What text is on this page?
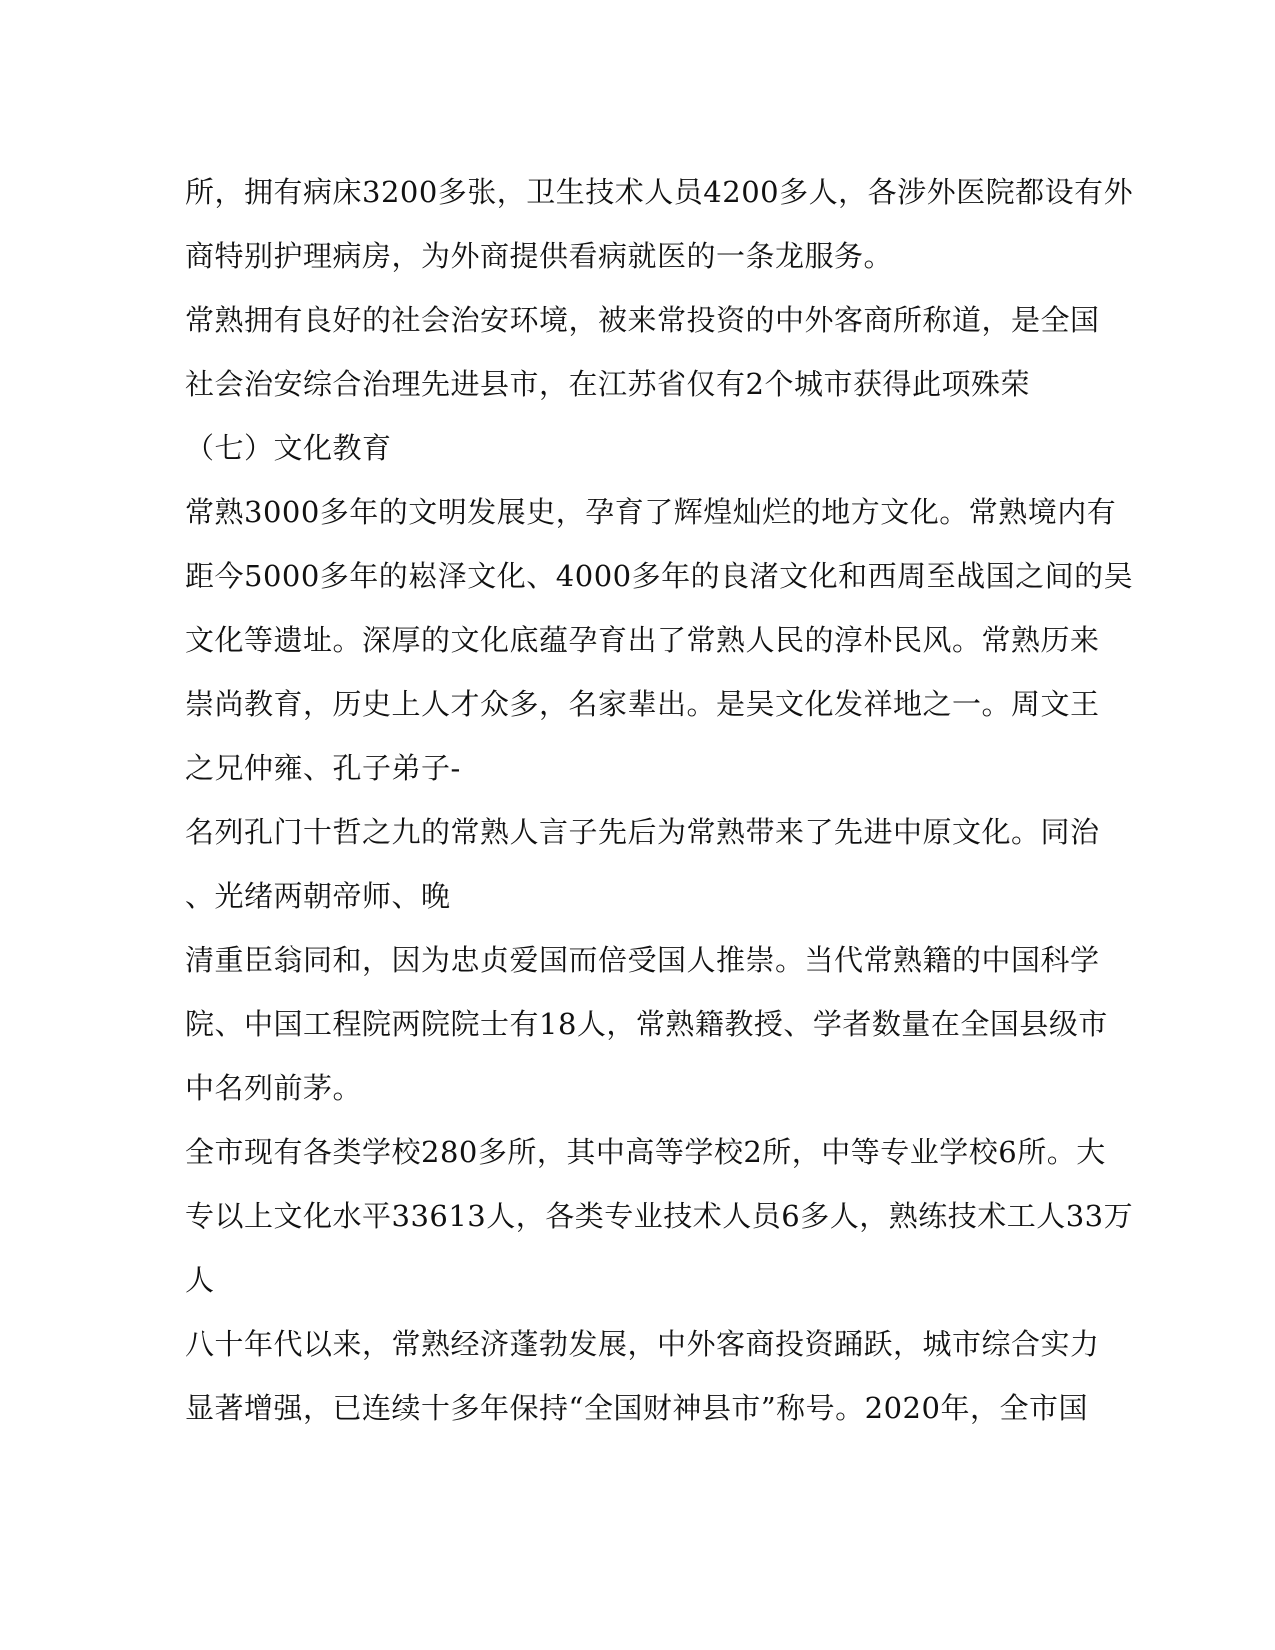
所，拥有病床3200多张，卫生技术人员4200多人，各涉外医院都设有外
商特别护理病房，为外商提供看病就医的一条龙服务。
常熟拥有良好的社会治安环境，被来常投资的中外客商所称道，是全国
社会治安综合治理先进县市，在江苏省仅有2个城市获得此项殊荣
（七）文化教育
常熟3000多年的文明发展史，孕育了辉煌灿烂的地方文化。常熟境内有
距今5000多年的崧泽文化、4000多年的良渚文化和西周至战国之间的吴
文化等遗址。深厚的文化底蕴孕育出了常熟人民的淳朴民风。常熟历来
崇尚教育，历史上人才众多，名家辈出。是吴文化发祥地之一。周文王
之兄仲雍、孔子弟子-
名列孔门十哲之九的常熟人言子先后为常熟带来了先进中原文化。同治
、光绪两朝帝师、晚
清重臣翁同和，因为忠贞爱国而倍受国人推崇。当代常熟籍的中国科学
院、中国工程院两院院士有18人，常熟籍教授、学者数量在全国县级市
中名列前茅。
全市现有各类学校280多所，其中高等学校2所，中等专业学校6所。大
专以上文化水平33613人，各类专业技术人员6多人，熟练技术工人33万
人
八十年代以来，常熟经济蓬勃发展，中外客商投资踊跃，城市综合实力
显著增强，已连续十多年保持“全国财神县市”称号。2020年，全市国
